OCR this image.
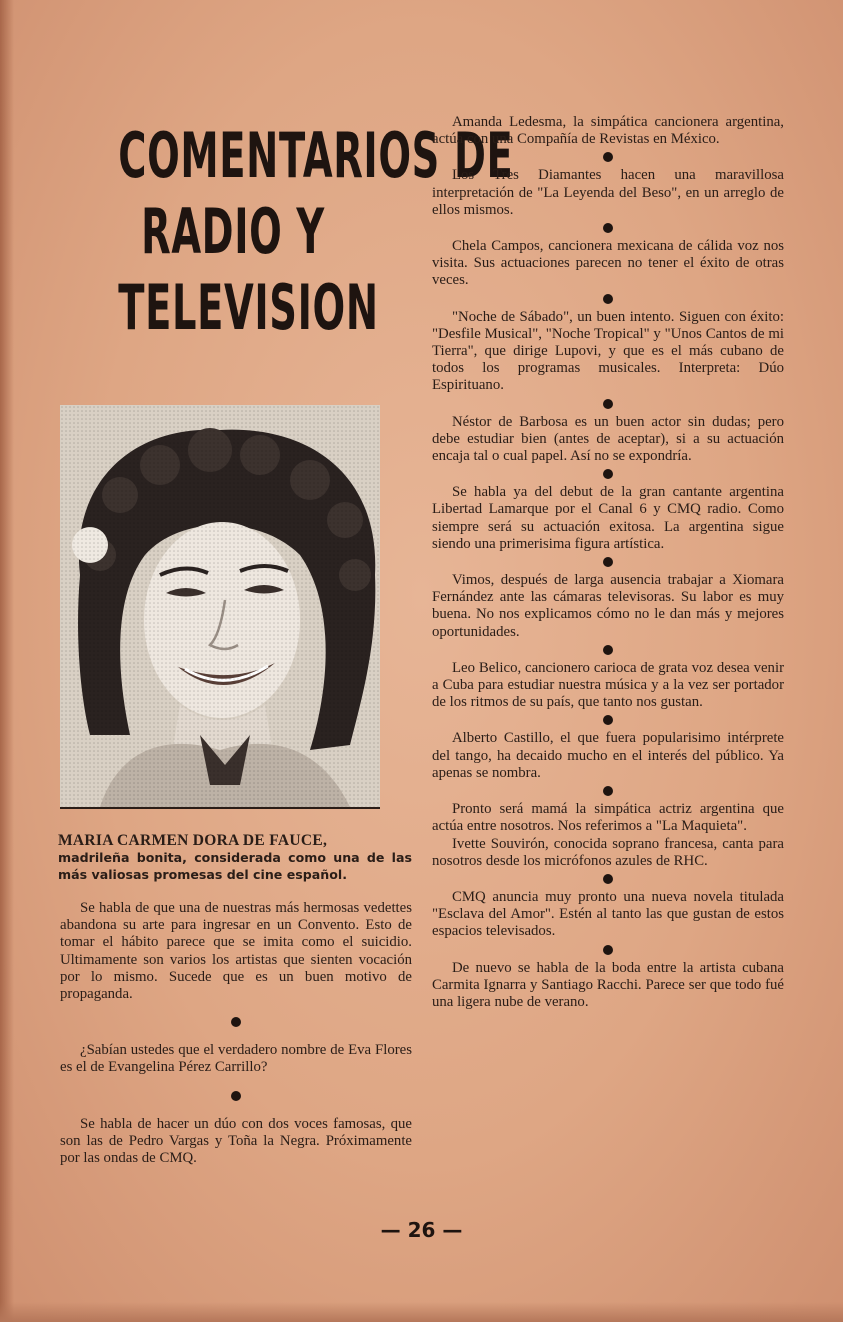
COMENTARIOS DE
RADIO Y
TELEVISION

MARIA CARMEN DORA DE FAUCE,
madrileña bonita, considerada como una de las más valiosas promesas del cine español.

Se habla de que una de nuestras más hermosas vedettes abandona su arte para ingresar en un Convento. Esto de tomar el hábito parece que se imita como el suicidio. Ultimamente son varios los artistas que sienten vocación por lo mismo. Sucede que es un buen motivo de propaganda.

¿Sabían ustedes que el verdadero nombre de Eva Flores es el de Evangelina Pérez Carrillo?

Se habla de hacer un dúo con dos voces famosas, que son las de Pedro Vargas y Toña la Negra. Próximamente por las ondas de CMQ.

Amanda Ledesma, la simpática cancionera argentina, actúa con una Compañía de Revistas en México.

Los Tres Diamantes hacen una maravillosa interpretación de "La Leyenda del Beso", en un arreglo de ellos mismos.

Chela Campos, cancionera mexicana de cálida voz nos visita. Sus actuaciones parecen no tener el éxito de otras veces.

"Noche de Sábado", un buen intento. Siguen con éxito: "Desfile Musical", "Noche Tropical" y "Unos Cantos de mi Tierra", que dirige Lupovi, y que es el más cubano de todos los programas musicales. Interpreta: Dúo Espirituano.

Néstor de Barbosa es un buen actor sin dudas; pero debe estudiar bien (antes de aceptar), si a su actuación encaja tal o cual papel. Así no se expondría.

Se habla ya del debut de la gran cantante argentina Libertad Lamarque por el Canal 6 y CMQ radio. Como siempre será su actuación exitosa. La argentina sigue siendo una primerisima figura artística.

Vimos, después de larga ausencia trabajar a Xiomara Fernández ante las cámaras televisoras. Su labor es muy buena. No nos explicamos cómo no le dan más y mejores oportunidades.

Leo Belico, cancionero carioca de grata voz desea venir a Cuba para estudiar nuestra música y a la vez ser portador de los ritmos de su país, que tanto nos gustan.

Alberto Castillo, el que fuera popularisimo intérprete del tango, ha decaido mucho en el interés del público. Ya apenas se nombra.

Pronto será mamá la simpática actriz argentina que actúa entre nosotros. Nos referimos a "La Maquieta".

Ivette Souvirón, conocida soprano francesa, canta para nosotros desde los micrófonos azules de RHC.

CMQ anuncia muy pronto una nueva novela titulada "Esclava del Amor". Estén al tanto las que gustan de estos espacios televisados.

De nuevo se habla de la boda entre la artista cubana Carmita Ignarra y Santiago Racchi. Parece ser que todo fué una ligera nube de verano.

— 26 —
